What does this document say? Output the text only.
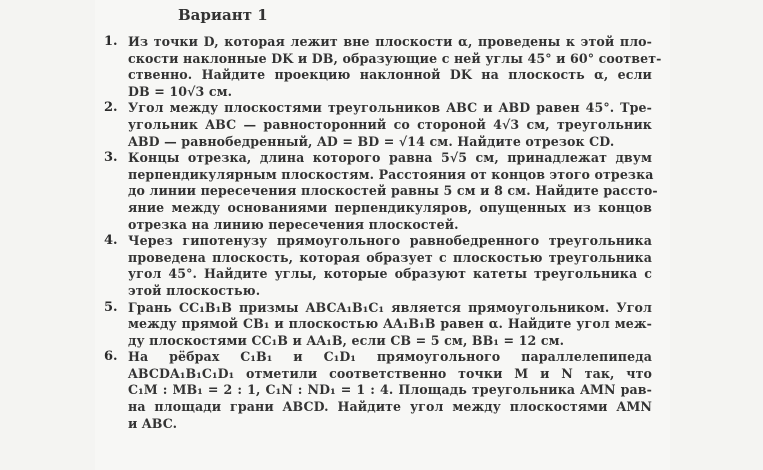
Вариант 1
1. Из точки D, которая лежит вне плоскости α, проведены к этой пло-
скости наклонные DK и DB, образующие с ней углы 45° и 60° соответ-
ственно. Найдите проекцию наклонной DK на плоскость α, если
DB = 10√3 см.
2. Угол между плоскостями треугольников ABC и ABD равен 45°. Тре-
угольник ABC — равносторонний со стороной 4√3 см, треугольник
ABD — равнобедренный, AD = BD = √14 см. Найдите отрезок CD.
3. Концы отрезка, длина которого равна 5√5 см, принадлежат двум
перпендикулярным плоскостям. Расстояния от концов этого отрезка
до линии пересечения плоскостей равны 5 см и 8 см. Найдите рассто-
яние между основаниями перпендикуляров, опущенных из концов
отрезка на линию пересечения плоскостей.
4. Через гипотенузу прямоугольного равнобедренного треугольника
проведена плоскость, которая образует с плоскостью треугольника
угол 45°. Найдите углы, которые образуют катеты треугольника с
этой плоскостью.
5. Грань CC₁B₁B призмы ABCA₁B₁C₁ является прямоугольником. Угол
между прямой CB₁ и плоскостью AA₁B₁B равен α. Найдите угол меж-
ду плоскостями CC₁B и AA₁B, если CB = 5 см, BB₁ = 12 см.
6. На рёбрах C₁B₁ и C₁D₁ прямоугольного параллелепипеда
ABCDA₁B₁C₁D₁ отметили соответственно точки M и N так, что
C₁M : MB₁ = 2 : 1, C₁N : ND₁ = 1 : 4. Площадь треугольника AMN рав-
на площади грани ABCD. Найдите угол между плоскостями AMN
и ABC.
